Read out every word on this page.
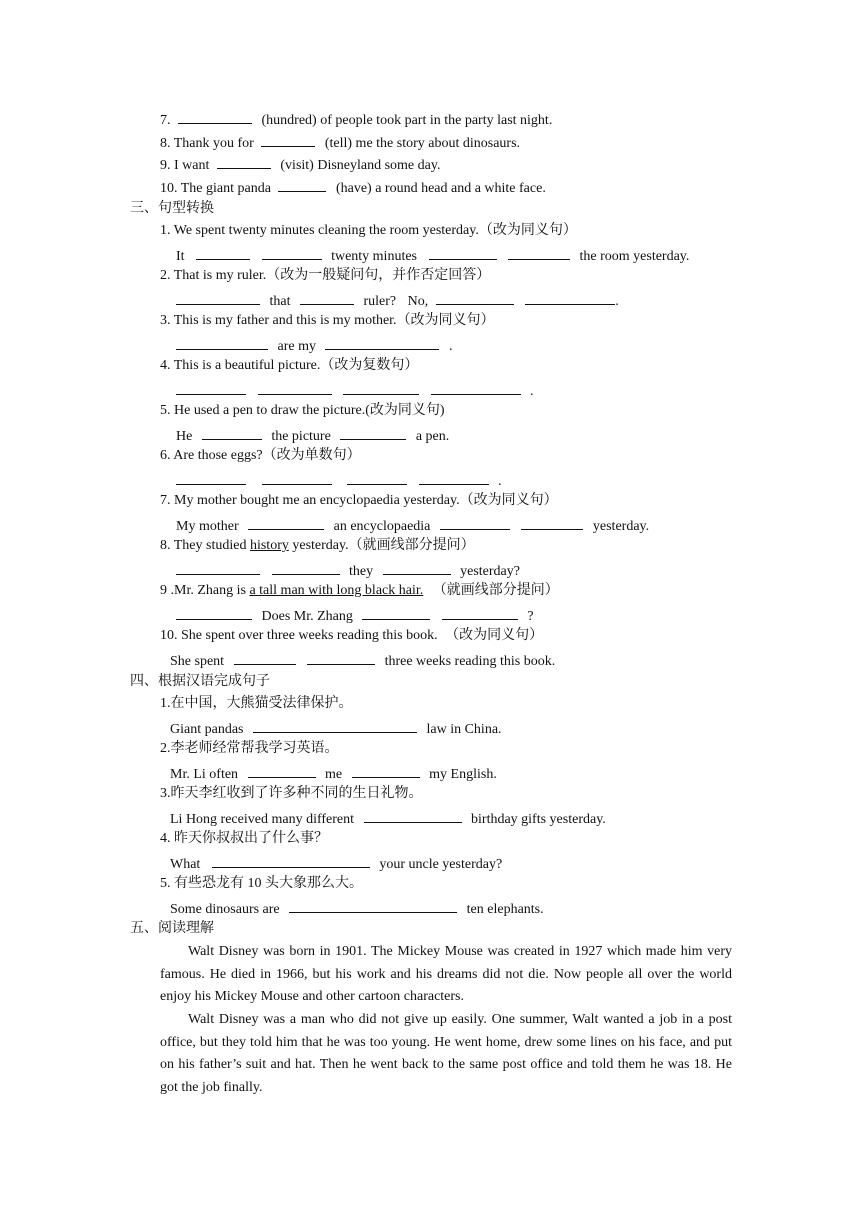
7.	(hundred) of people took part in the party last night.
8. Thank you for	(tell) me the story about dinosaurs.
9. I want	(visit) Disneyland some day.
10. The giant panda	(have) a round head and a white face.
三、句型转换
1. We spent twenty minutes cleaning the room yesterday.（改为同义句）
It	twenty minutes	the room yesterday.
2. That is my ruler.（改为一般疑问句，并作否定回答）
that	ruler? No,	.
3. This is my father and this is my mother.（改为同义句）
are my	.
4. This is a beautiful picture.（改为复数句）
.
5. He used a pen to draw the picture.(改为同义句)
He	the picture	a pen.
6. Are those eggs?（改为单数句）
.
7. My mother bought me an encyclopaedia yesterday.（改为同义句）
My mother	an encyclopaedia	yesterday.
8. They studied history yesterday.（就画线部分提问）
they	yesterday?
9 .Mr. Zhang is a tall man with long black hair. （就画线部分提问）
Does Mr. Zhang	?
10. She spent over three weeks reading this book. （改为同义句）
She spent	three weeks reading this book.
四、根据汉语完成句子
1.在中国，大熊猫受法律保护。
Giant pandas	law in China.
2.李老师经常帮我学习英语。
Mr. Li often	me	my English.
3.昨天李红收到了许多种不同的生日礼物。
Li Hong received many different	birthday gifts yesterday.
4. 昨天你叔叔出了什么事？
What	your uncle yesterday?
5. 有些恐龙有 10 头大象那么大。
Some dinosaurs are	ten elephants.
五、阅读理解
Walt Disney was born in 1901. The Mickey Mouse was created in 1927 which made him very famous. He died in 1966, but his work and his dreams did not die. Now people all over the world enjoy his Mickey Mouse and other cartoon characters.
Walt Disney was a man who did not give up easily. One summer, Walt wanted a job in a post office, but they told him that he was too young. He went home, drew some lines on his face, and put on his father’s suit and hat. Then he went back to the same post office and told them he was 18. He got the job finally.
